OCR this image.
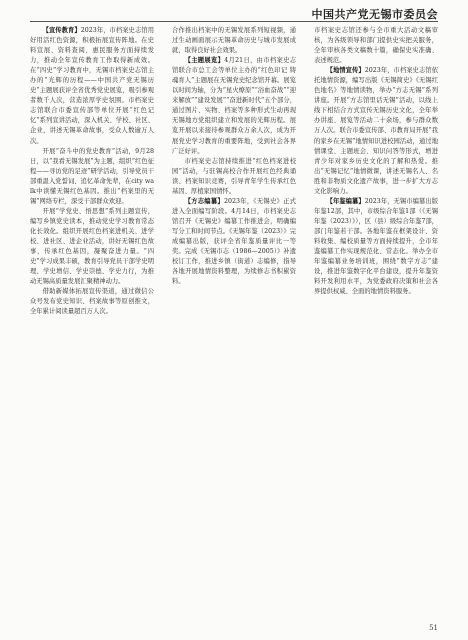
中国共产党无锡市委员会

【宣传教育】2023年，市档案史志馆用好用活红色资源，积极拓展宣传阵地。在史料宣展、资料查阅、惠民服务方面持续发力，推动全年宣传教育工作取得新成效。在“四史”学习教育中，无锡市档案史志馆主办的“光辉的历程——中国共产党无锡历史”主题展获评全省优秀党史展览，吸引参观者数千人次，营造浓厚学史氛围。市档案史志馆联合市委宣传部等单位开展“红色记忆”系列宣讲活动，深入机关、学校、社区、企业，讲述无锡革命故事，受众人数逾万人次。

开展“奋斗中的党史教育”活动，9月28日，以“我看无锡发展”为主题，组织“红色征程——寻访党的足迹”研学活动，引导党员干部重温入党誓词、追忆革命先辈，在city walk中读懂无锡红色基因。推出“档案里的无锡”网络专栏，深受干部群众欢迎。

开展“学党史、悟思想”系列主题宣传，编写乡镇党史读本，推动党史学习教育常态化长效化。组织开展红色档案进机关、进学校、进社区、进企业活动，讲好无锡红色故事，传承红色基因，凝聚奋进力量。“四史”学习成果丰硕，教育引导党员干部学史明理、学史增信、学史崇德、学史力行，为推动无锡高质量发展汇聚精神动力。

借助新媒体拓展宣传渠道，通过微信公众号发布党史知识、档案故事等原创推文，全年累计阅读量超百万人次。

合作推出档案中的无锡发展系列短视频，通过生动画面展示无锡革命历史与城市发展成就，取得良好社会效果。

【主题展览】4月21日，由市档案史志馆联合市总工会等单位主办的“红色印记 铸魂育人”主题展在无锡党史纪念馆开幕。展览以时间为轴，分为“星火燎原”“浴血奋战”“迎来解放”“建设发展”“奋进新时代”五个部分，通过图片、实物、档案等多种形式生动再现无锡地方党组织建立和发展的光辉历程。展览开展以来接待参观群众万余人次，成为开展党史学习教育的重要阵地，受到社会各界广泛好评。

市档案史志馆持续推进“红色档案进校园”活动，与驻锡高校合作开展红色经典诵读、档案知识竞赛，引导青年学生传承红色基因、厚植家国情怀。

【方志编纂】2023年，《无锡史》正式进入全面编写阶段。4月14日，市档案史志馆召开《无锡史》编纂工作推进会，明确编写分工和时间节点。《无锡年鉴（2023）》完成编纂出版，获评全省年鉴质量评比一等奖。完成《无锡市志（1986—2005）》补遗校订工作，推进乡镇（街道）志编修，指导各地开展地情资料整理，为续修志书积累资料。

市档案史志馆还参与全市重大活动文稿审核，为各级领导和部门提供史实把关服务，全年审核各类文稿数十篇，确保史实准确、表述规范。

【地情宣传】2023年，市档案史志馆依托地情资源，编写出版《无锡简史》《无锡红色地名》等地情读物，举办“方志无锡”系列讲座。开展“方志馆里话无锡”活动，以线上线下相结合方式宣传无锡历史文化，全年举办讲座、展览等活动二十余场，参与群众数万人次。联合市委宣传部、市教育局开展“我的家乡在无锡”地情知识进校园活动，通过地情课堂、主题班会、知识问答等形式，增进青少年对家乡历史文化的了解和热爱。推出“无锡记忆”地情微课，讲述无锡名人、名胜和非物质文化遗产故事，进一步扩大方志文化影响力。

【年鉴编纂】2023年，无锡市编纂出版年鉴12部，其中，市级综合年鉴1部（《无锡年鉴（2023）》），区（县）级综合年鉴7部，部门年鉴若干部。各地年鉴在框架设计、资料收集、编校质量等方面持续提升，全市年鉴编纂工作实现规范化、常态化。举办全市年鉴编纂业务培训班，围绕“数字方志”建设，推进年鉴数字化平台建设，提升年鉴资料开发利用水平，为党委政府决策和社会各界提供权威、全面的地情资料服务。

51
